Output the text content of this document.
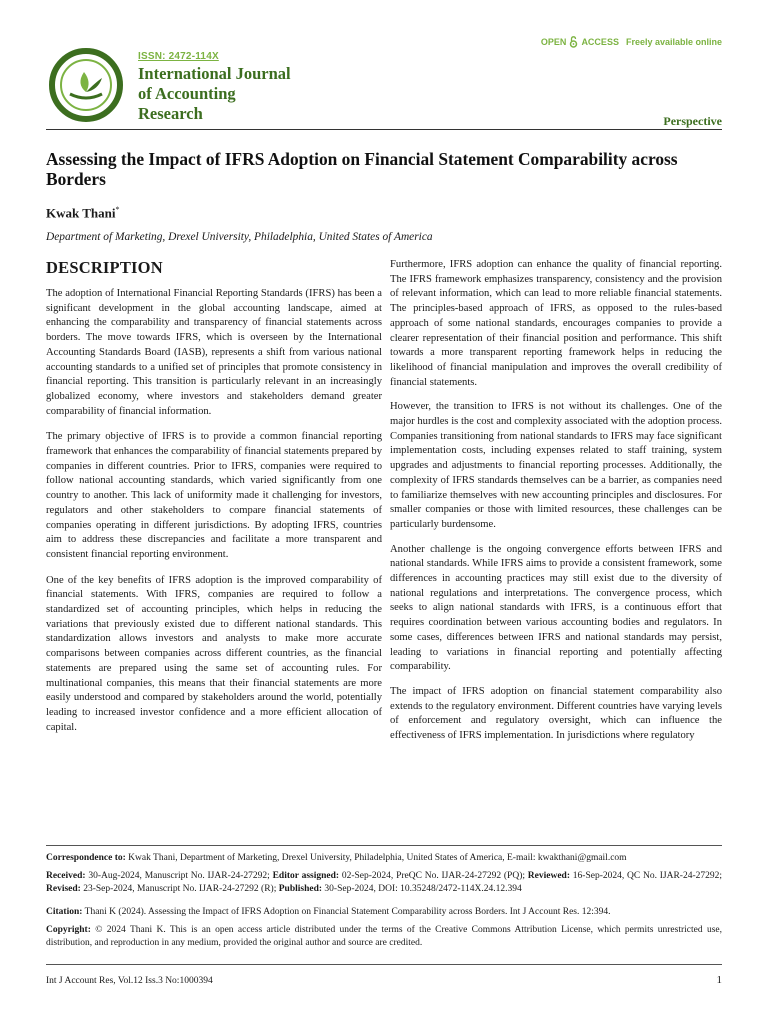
ISSN: 2472-114X
International Journal
of Accounting
Research
OPEN ACCESS Freely available online
Perspective
Assessing the Impact of IFRS Adoption on Financial Statement Comparability across Borders
Kwak Thani*
Department of Marketing, Drexel University, Philadelphia, United States of America
DESCRIPTION

The adoption of International Financial Reporting Standards (IFRS) has been a significant development in the global accounting landscape, aimed at enhancing the comparability and transparency of financial statements across borders. The move towards IFRS, which is overseen by the International Accounting Standards Board (IASB), represents a shift from various national accounting standards to a unified set of principles that promote consistency in financial reporting. This transition is particularly relevant in an increasingly globalized economy, where investors and stakeholders demand greater comparability of financial information.

The primary objective of IFRS is to provide a common financial reporting framework that enhances the comparability of financial statements prepared by companies in different countries. Prior to IFRS, companies were required to follow national accounting standards, which varied significantly from one country to another. This lack of uniformity made it challenging for investors, regulators and other stakeholders to compare financial statements of companies operating in different jurisdictions. By adopting IFRS, countries aim to address these discrepancies and facilitate a more transparent and consistent financial reporting environment.

One of the key benefits of IFRS adoption is the improved comparability of financial statements. With IFRS, companies are required to follow a standardized set of accounting principles, which helps in reducing the variations that previously existed due to different national standards. This standardization allows investors and analysts to make more accurate comparisons between companies across different countries, as the financial statements are prepared using the same set of accounting rules. For multinational companies, this means that their financial statements are more easily understood and compared by stakeholders around the world, potentially leading to increased investor confidence and a more efficient allocation of capital.

Furthermore, IFRS adoption can enhance the quality of financial reporting. The IFRS framework emphasizes transparency, consistency and the provision of relevant information, which can lead to more reliable financial statements. The principles-based approach of IFRS, as opposed to the rules-based approach of some national standards, encourages companies to provide a clearer representation of their financial position and performance. This shift towards a more transparent reporting framework helps in reducing the likelihood of financial manipulation and improves the overall credibility of financial statements.

However, the transition to IFRS is not without its challenges. One of the major hurdles is the cost and complexity associated with the adoption process. Companies transitioning from national standards to IFRS may face significant implementation costs, including expenses related to staff training, system upgrades and adjustments to financial reporting processes. Additionally, the complexity of IFRS standards themselves can be a barrier, as companies need to familiarize themselves with new accounting principles and disclosures. For smaller companies or those with limited resources, these challenges can be particularly burdensome.

Another challenge is the ongoing convergence efforts between IFRS and national standards. While IFRS aims to provide a consistent framework, some differences in accounting practices may still exist due to the diversity of national regulations and interpretations. The convergence process, which seeks to align national standards with IFRS, is a continuous effort that requires coordination between various accounting bodies and regulators. In some cases, differences between IFRS and national standards may persist, leading to variations in financial reporting and potentially affecting comparability.

The impact of IFRS adoption on financial statement comparability also extends to the regulatory environment. Different countries have varying levels of enforcement and regulatory oversight, which can influence the effectiveness of IFRS implementation. In jurisdictions where regulatory

Correspondence to: Kwak Thani, Department of Marketing, Drexel University, Philadelphia, United States of America, E-mail: kwakthani@gmail.com
Received: 30-Aug-2024, Manuscript No. IJAR-24-27292; Editor assigned: 02-Sep-2024, PreQC No. IJAR-24-27292 (PQ); Reviewed: 16-Sep-2024, QC No. IJAR-24-27292; Revised: 23-Sep-2024, Manuscript No. IJAR-24-27292 (R); Published: 30-Sep-2024, DOI: 10.35248/2472-114X.24.12.394
Citation: Thani K (2024). Assessing the Impact of IFRS Adoption on Financial Statement Comparability across Borders. Int J Account Res. 12:394.
Copyright: © 2024 Thani K. This is an open access article distributed under the terms of the Creative Commons Attribution License, which permits unrestricted use, distribution, and reproduction in any medium, provided the original author and source are credited.
Int J Account Res, Vol.12 Iss.3 No:1000394	1
